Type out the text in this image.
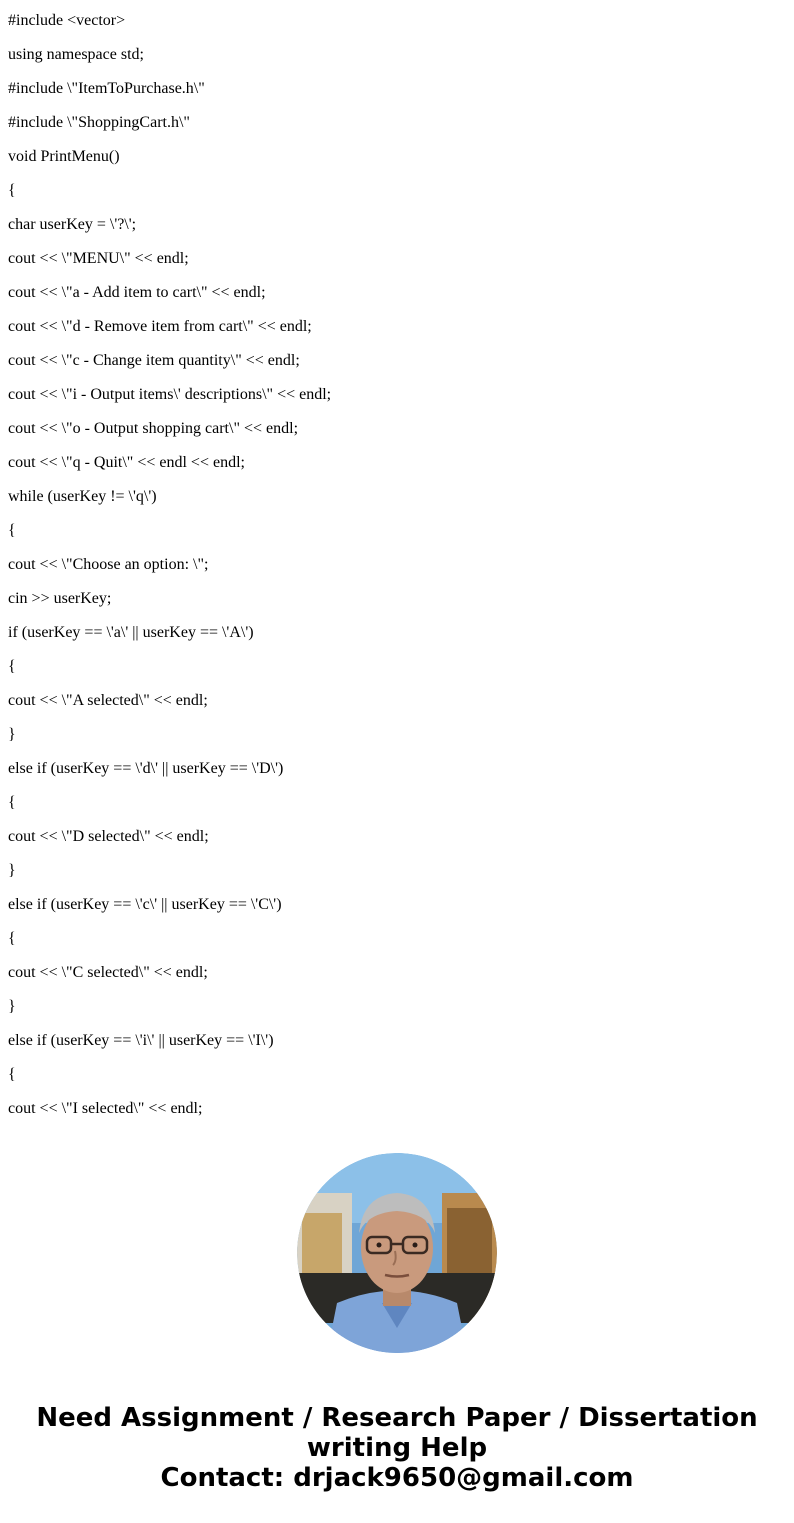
#include <vector>
using namespace std;
#include \"ItemToPurchase.h\"
#include \"ShoppingCart.h\"
void PrintMenu()
{
char userKey = \'?\';
cout << \"MENU\" << endl;
cout << \"a - Add item to cart\" << endl;
cout << \"d - Remove item from cart\" << endl;
cout << \"c - Change item quantity\" << endl;
cout << \"i - Output items\' descriptions\" << endl;
cout << \"o - Output shopping cart\" << endl;
cout << \"q - Quit\" << endl << endl;
while (userKey != \'q\')
{
cout << \"Choose an option: \";
cin >> userKey;
if (userKey == \'a\' || userKey == \'A\')
{
cout << \"A selected\" << endl;
}
else if (userKey == \'d\' || userKey == \'D\')
{
cout << \"D selected\" << endl;
}
else if (userKey == \'c\' || userKey == \'C\')
{
cout << \"C selected\" << endl;
}
else if (userKey == \'i\' || userKey == \'I\')
{
cout << \"I selected\" << endl;
Need Assignment / Research Paper / Dissertation
writing Help
Contact: drjack9650@gmail.com
